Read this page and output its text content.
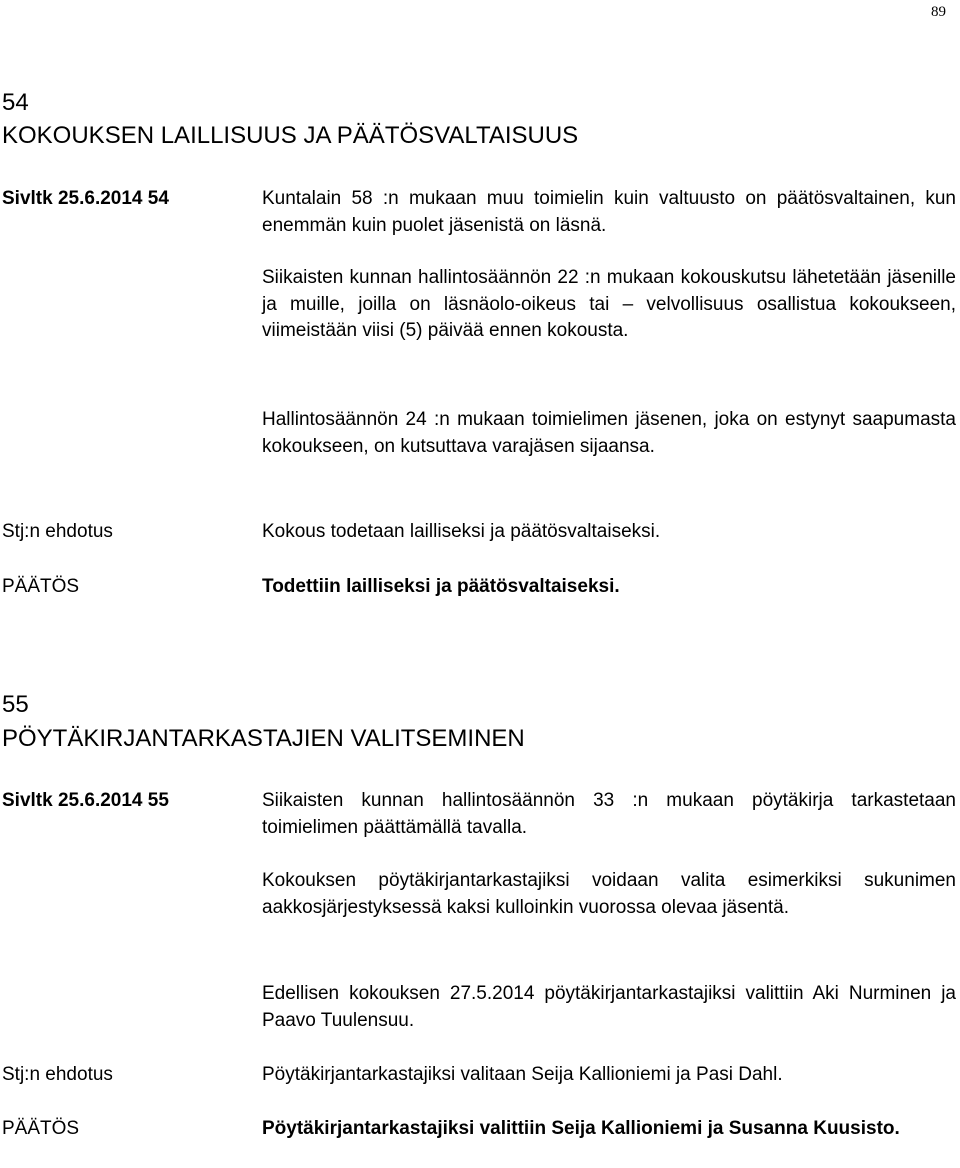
89
54
KOKOUKSEN LAILLISUUS JA PÄÄTÖSVALTAISUUS
Sivltk 25.6.2014 54	Kuntalain 58 :n mukaan muu toimielin kuin valtuusto on päätösvaltainen, kun enemmän kuin puolet jäsenistä on läsnä.

Siikaisten kunnan hallintosäännön 22 :n mukaan kokouskutsu lähetetään jäsenille ja muille, joilla on läsnäolo-oikeus tai – velvollisuus osallistua kokoukseen, viimeistään viisi (5) päivää ennen kokousta.

Hallintosäännön 24 :n mukaan toimielimen jäsenen, joka on estynyt saapumasta kokoukseen, on kutsuttava varajäsen sijaansa.

Stj:n ehdotus	Kokous todetaan lailliseksi ja päätösvaltaiseksi.

PÄÄTÖS	Todettiin lailliseksi ja päätösvaltaiseksi.

55
PÖYTÄKIRJANTARKASTAJIEN VALITSEMINEN
Sivltk 25.6.2014 55	Siikaisten kunnan hallintosäännön 33 :n mukaan pöytäkirja tarkastetaan toimielimen päättämällä tavalla.

Kokouksen pöytäkirjantarkastajiksi voidaan valita esimerkiksi sukunimen aakkosjärjestyksessä kaksi kulloinkin vuorossa olevaa jäsentä.

Edellisen kokouksen 27.5.2014 pöytäkirjantarkastajiksi valittiin Aki Nurminen ja Paavo Tuulensuu.

Stj:n ehdotus	Pöytäkirjantarkastajiksi valitaan Seija Kallioniemi ja Pasi Dahl.

PÄÄTÖS	Pöytäkirjantarkastajiksi valittiin Seija Kallioniemi ja Susanna Kuusisto.
